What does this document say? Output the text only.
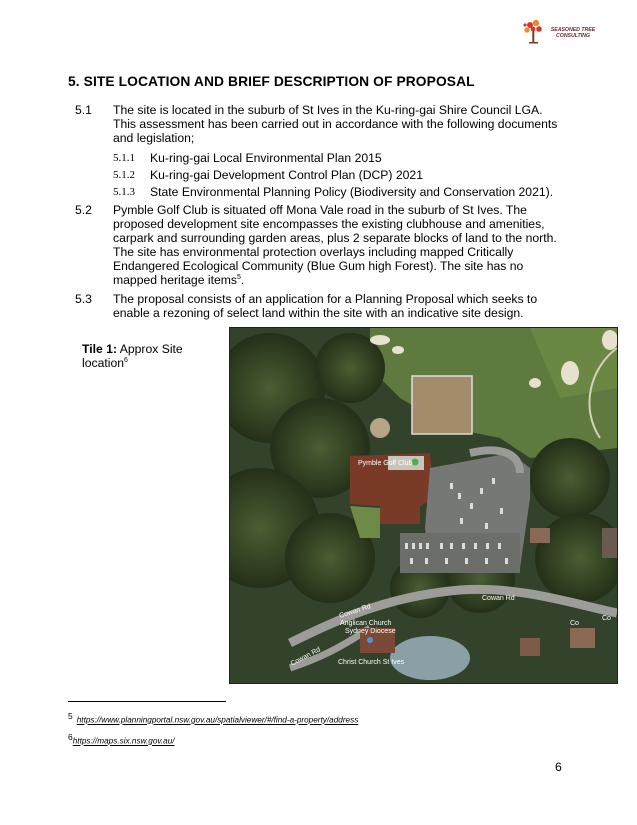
SEASONED TREE
CONSULTING
5. SITE LOCATION AND BRIEF DESCRIPTION OF PROPOSAL
5.1 The site is located in the suburb of St Ives in the Ku-ring-gai Shire Council LGA. This assessment has been carried out in accordance with the following documents and legislation;
5.1.1 Ku-ring-gai Local Environmental Plan 2015
5.1.2 Ku-ring-gai Development Control Plan (DCP) 2021
5.1.3 State Environmental Planning Policy (Biodiversity and Conservation 2021).
5.2 Pymble Golf Club is situated off Mona Vale road in the suburb of St Ives. The proposed development site encompasses the existing clubhouse and amenities, carpark and surrounding garden areas, plus 2 separate blocks of land to the north. The site has environmental protection overlays including mapped Critically Endangered Ecological Community (Blue Gum high Forest). The site has no mapped heritage items$^5$.
5.3 The proposal consists of an application for a Planning Proposal which seeks to enable a rezoning of select land within the site with an indicative site design.
Tile 1: Approx Site location$^6$
Pymble Golf Club
Cowan Rd
Cowan Rd
Cowan Rd
Co
Anglican Church
Sydney Diocese
Christ Church St Ives
Co
5 https://www.planningportal.nsw.gov.au/spatialviewer/#/find-a-property/address
6https://maps.six.nsw.gov.au/
6
